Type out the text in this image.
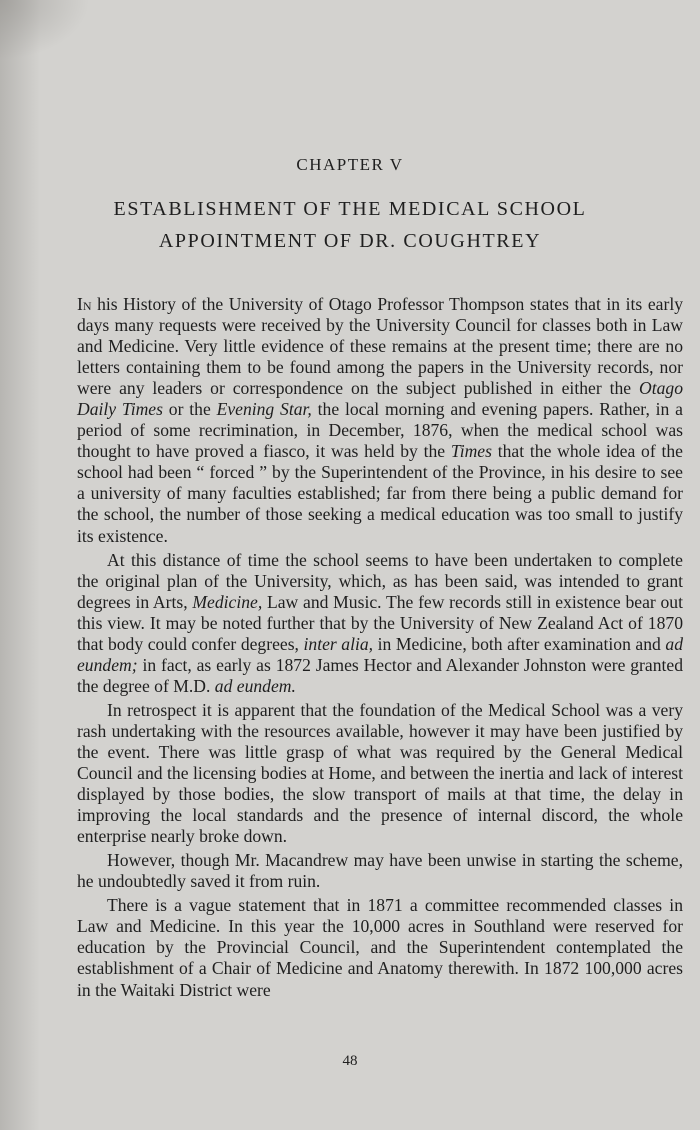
CHAPTER V
ESTABLISHMENT OF THE MEDICAL SCHOOL
APPOINTMENT OF DR. COUGHTREY

In his History of the University of Otago Professor Thompson states that in its early days many requests were received by the University Council for classes both in Law and Medicine. Very little evidence of these remains at the present time; there are no letters containing them to be found among the papers in the University records, nor were any leaders or correspondence on the subject published in either the Otago Daily Times or the Evening Star, the local morning and evening papers. Rather, in a period of some recrimination, in December, 1876, when the medical school was thought to have proved a fiasco, it was held by the Times that the whole idea of the school had been “ forced ” by the Superintendent of the Province, in his desire to see a university of many faculties established; far from there being a public demand for the school, the number of those seeking a medical education was too small to justify its existence.

At this distance of time the school seems to have been undertaken to complete the original plan of the University, which, as has been said, was intended to grant degrees in Arts, Medicine, Law and Music. The few records still in existence bear out this view. It may be noted further that by the University of New Zealand Act of 1870 that body could confer degrees, inter alia, in Medicine, both after examination and ad eundem; in fact, as early as 1872 James Hector and Alexander Johnston were granted the degree of M.D. ad eundem.

In retrospect it is apparent that the foundation of the Medical School was a very rash undertaking with the resources available, however it may have been justified by the event. There was little grasp of what was required by the General Medical Council and the licensing bodies at Home, and between the inertia and lack of interest displayed by those bodies, the slow transport of mails at that time, the delay in improving the local standards and the presence of internal discord, the whole enterprise nearly broke down.

However, though Mr. Macandrew may have been unwise in starting the scheme, he undoubtedly saved it from ruin.

There is a vague statement that in 1871 a committee recommended classes in Law and Medicine. In this year the 10,000 acres in Southland were reserved for education by the Provincial Council, and the Superintendent contemplated the establishment of a Chair of Medicine and Anatomy therewith. In 1872 100,000 acres in the Waitaki District were

48
